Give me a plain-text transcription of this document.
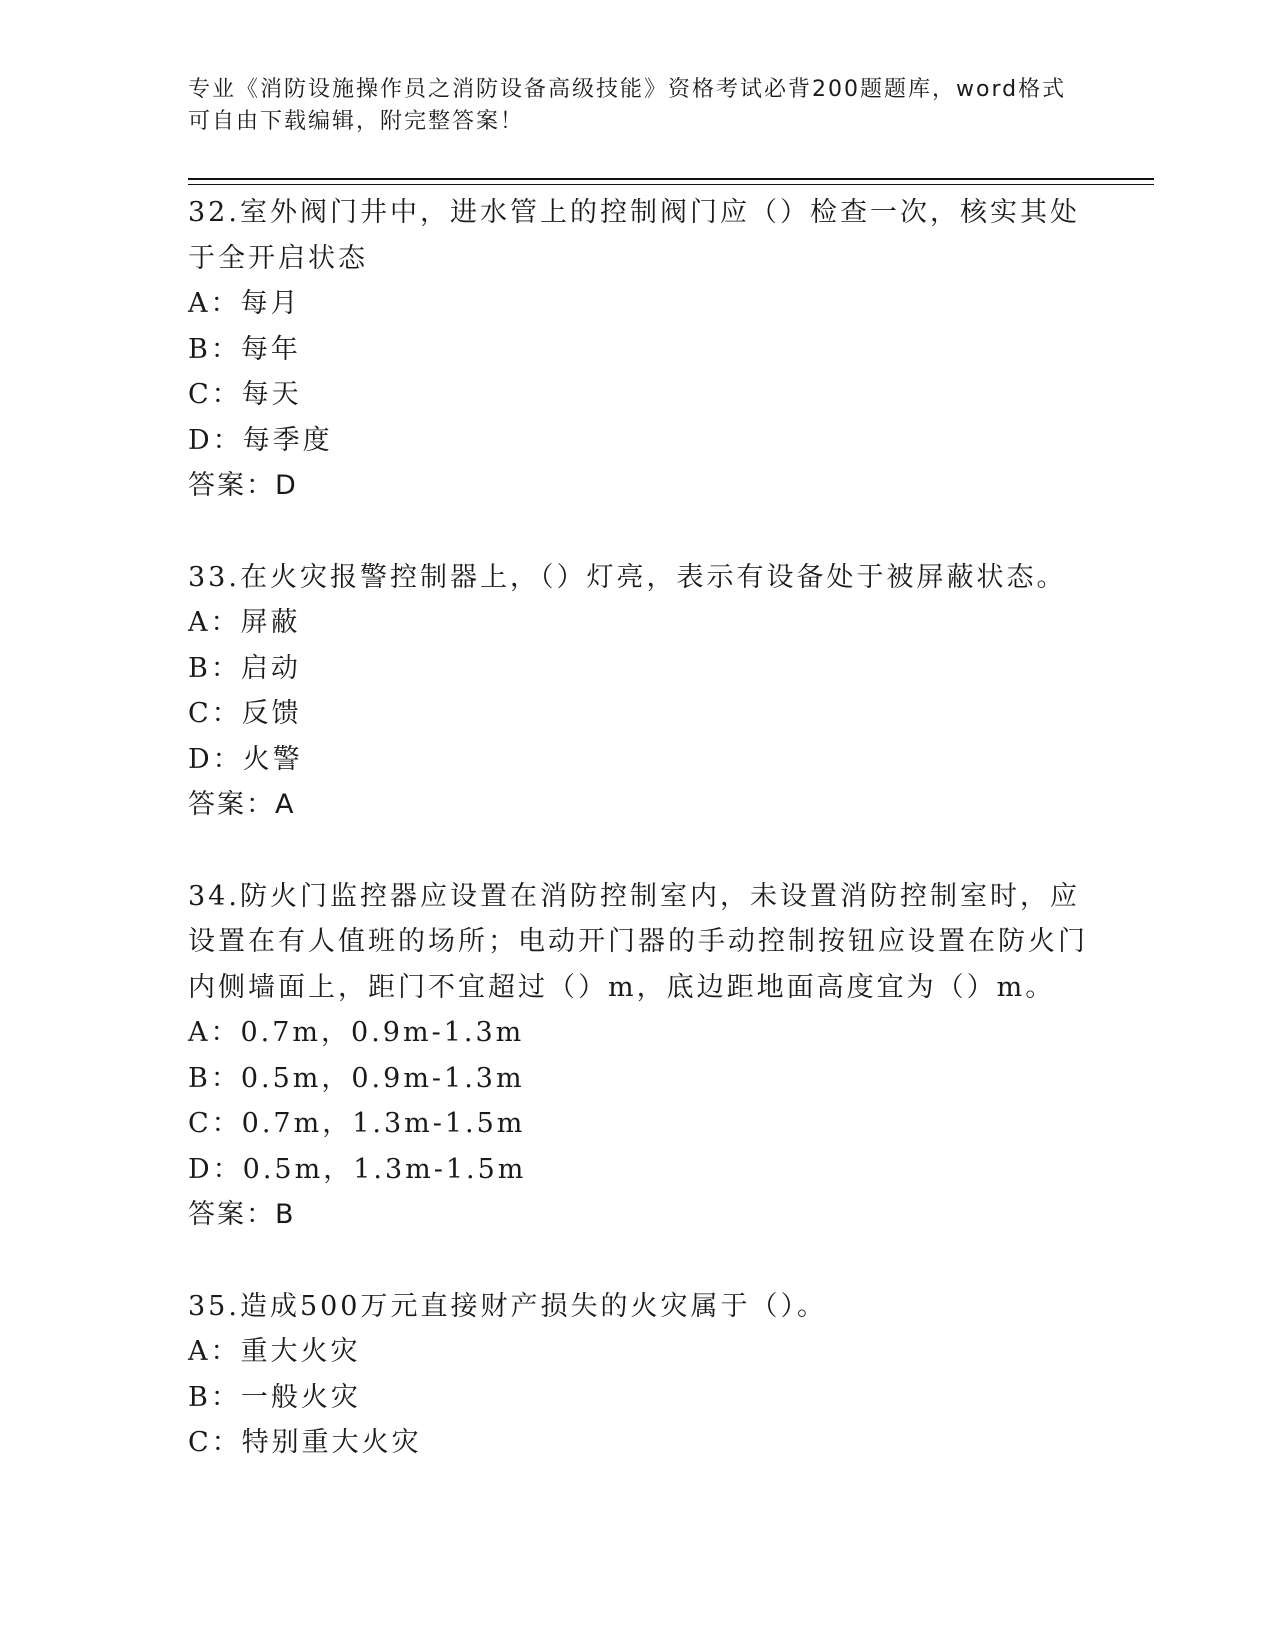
专业《消防设施操作员之消防设备高级技能》资格考试必背200题题库，word格式可自由下载编辑，附完整答案！

32.室外阀门井中，进水管上的控制阀门应（）检查一次，核实其处于全开启状态

A：每月

B：每年

C：每天

D：每季度

答案：D

33.在火灾报警控制器上，（）灯亮，表示有设备处于被屏蔽状态。

A：屏蔽

B：启动

C：反馈

D：火警

答案：A

34.防火门监控器应设置在消防控制室内，未设置消防控制室时，应设置在有人值班的场所；电动开门器的手动控制按钮应设置在防火门内侧墙面上，距门不宜超过（）m，底边距地面高度宜为（）m。

A：0.7m，0.9m-1.3m

B：0.5m，0.9m-1.3m

C：0.7m，1.3m-1.5m

D：0.5m，1.3m-1.5m

答案：B

35.造成500万元直接财产损失的火灾属于（）。

A：重大火灾

B：一般火灾

C：特别重大火灾
